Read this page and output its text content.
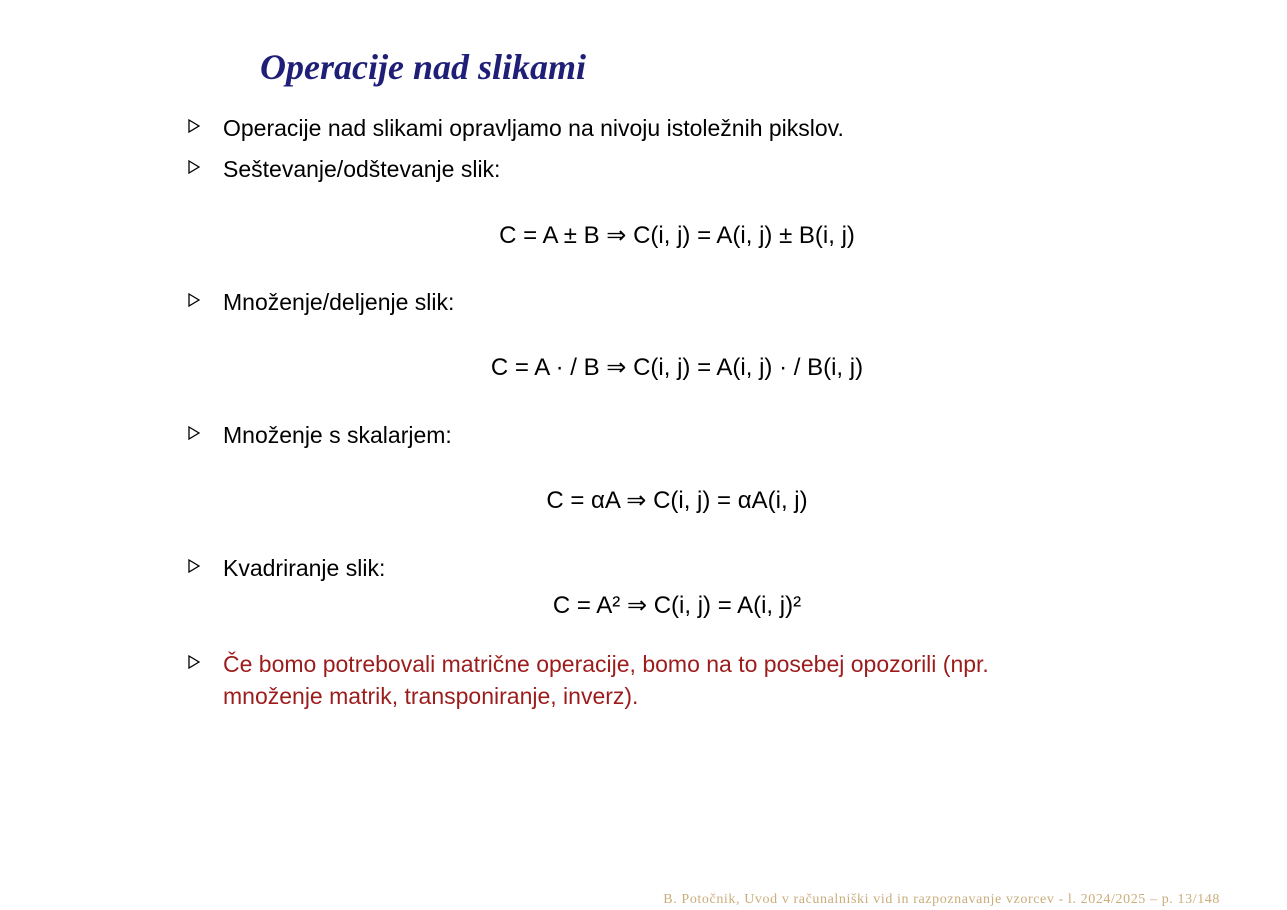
Operacije nad slikami
Operacije nad slikami opravljamo na nivoju istoležnih pikslov.
Seštevanje/odštevanje slik:
C = A ± B ⇒ C(i, j) = A(i, j) ± B(i, j)
Množenje/deljenje slik:
C = A · / B ⇒ C(i, j) = A(i, j) · / B(i, j)
Množenje s skalarjem:
C = αA ⇒ C(i, j) = αA(i, j)
Kvadriranje slik:
C = A² ⇒ C(i, j) = A(i, j)²
Če bomo potrebovali matrične operacije, bomo na to posebej opozorili (npr. množenje matrik, transponiranje, inverz).
B. Potočnik, Uvod v računalniški vid in razpoznavanje vzorcev - l. 2024/2025 – p. 13/148
